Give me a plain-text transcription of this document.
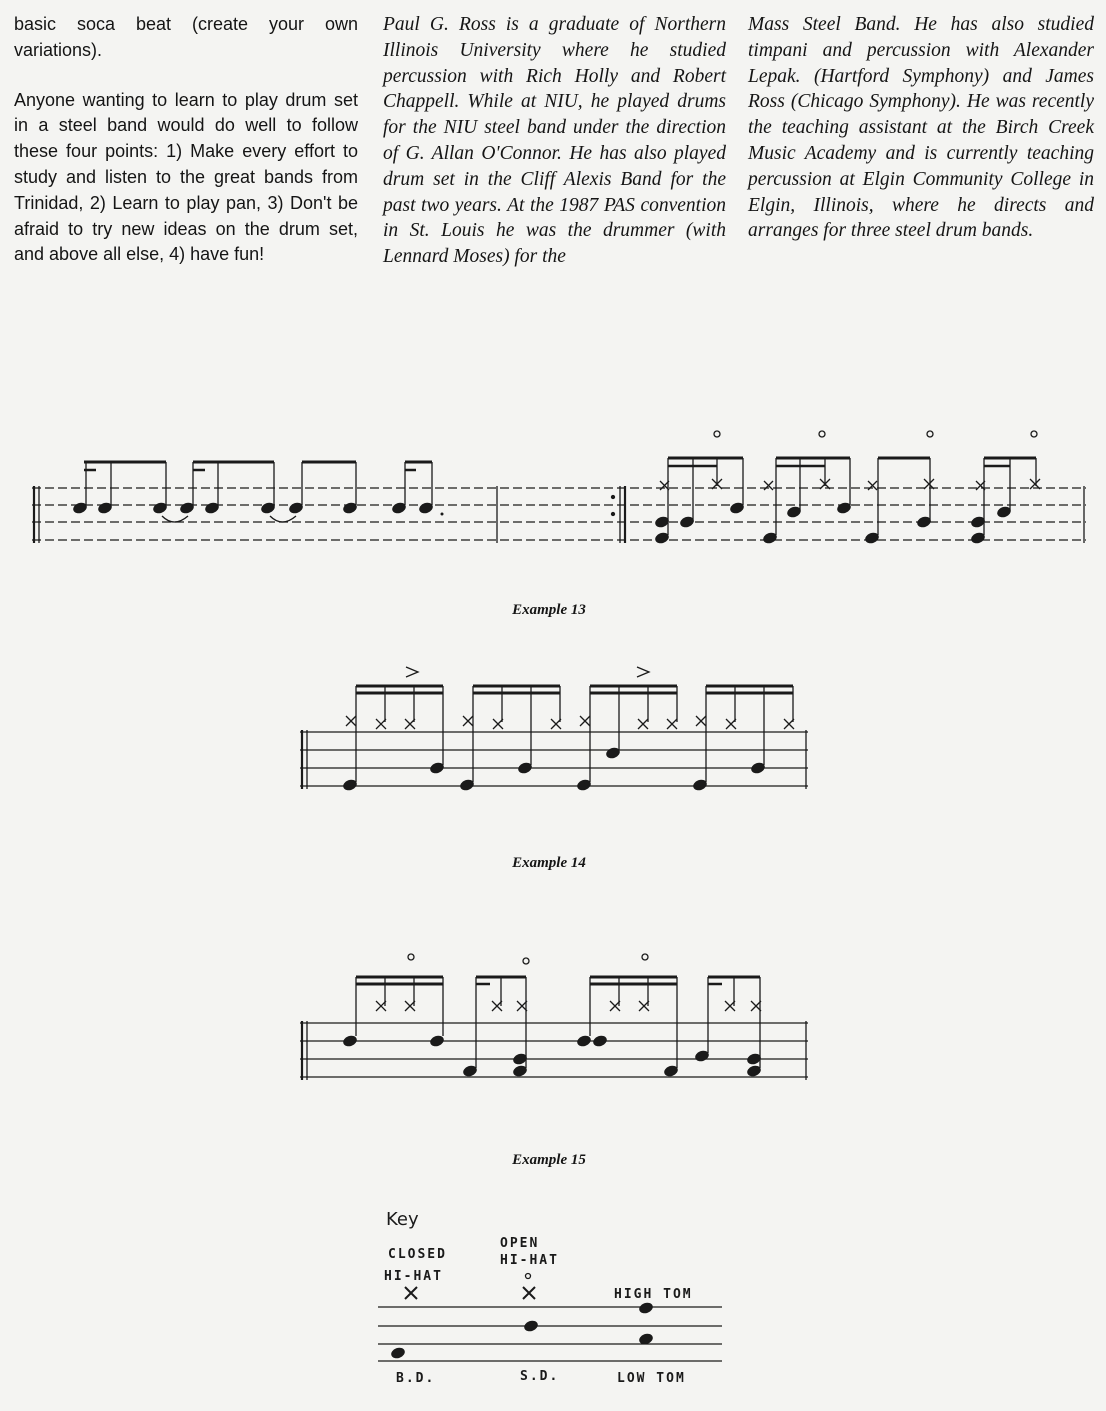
basic soca beat (create your own variations).

Anyone wanting to learn to play drum set in a steel band would do well to follow these four points: 1) Make every effort to study and listen to the great bands from Trinidad, 2) Learn to play pan, 3) Don't be afraid to try new ideas on the drum set, and above all else, 4) have fun!

Paul G. Ross is a graduate of Northern Illinois University where he studied percussion with Rich Holly and Robert Chappell. While at NIU, he played drums for the NIU steel band under the direction of G. Allan O'Connor. He has also played drum set in the Cliff Alexis Band for the past two years. At the 1987 PAS convention in St. Louis he was the drummer (with Lennard Moses) for the

Mass Steel Band. He has also studied timpani and percussion with Alexander Lepak. (Hartford Symphony) and James Ross (Chicago Symphony). He was recently the teaching assistant at the Birch Creek Music Academy and is currently teaching percussion at Elgin Community College in Elgin, Illinois, where he directs and arranges for three steel drum bands.

Example 13
Example 14
Example 15
Key
CLOSED
HI-HAT
OPEN
HI-HAT
HIGH TOM
B.D.	S.D.	LOW TOM
